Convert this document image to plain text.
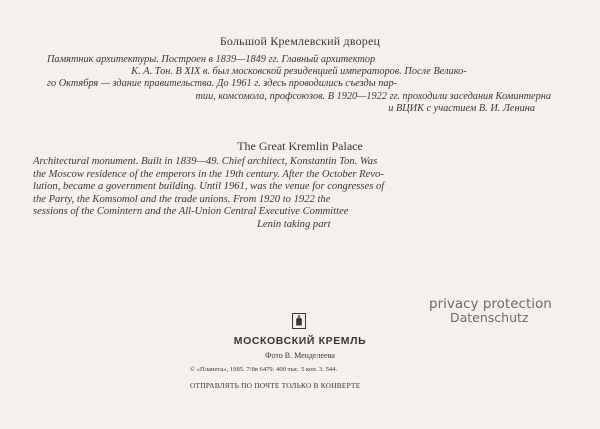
Большой Кремлевский дворец
Памятник архитектуры. Построен в 1839—1849 гг. Главный архитектор
К. А. Тон. В XIX в. был московской резиденцией императоров. После Велико-
го Октября — здание правительства. До 1961 г. здесь проводились съезды пар-
тии, комсомола, профсоюзов. В 1920—1922 гг. проходили заседания Коминтерна
и ВЦИК с участием В. И. Ленина
The Great Kremlin Palace
Architectural monument. Built in 1839—49. Chief architect, Konstantin Ton. Was
the Moscow residence of the emperors in the 19th century. After the October Revo-
lution, became a government building. Until 1961, was the venue for congresses of
the Party, the Komsomol and the trade unions. From 1920 to 1922 the
sessions of the Comintern and the All-Union Central Executive Committee
Lenin taking part
privacy protection
Datenschutz
МОСКОВСКИЙ КРЕМЛЬ
Фото В. Менделеева
© «Планета», 1985. 7/8в 6479. 400 тыс. 5 коп. 3. 544.
ОТПРАВЛЯТЬ ПО ПОЧТЕ ТОЛЬКО В КОНВЕРТЕ
